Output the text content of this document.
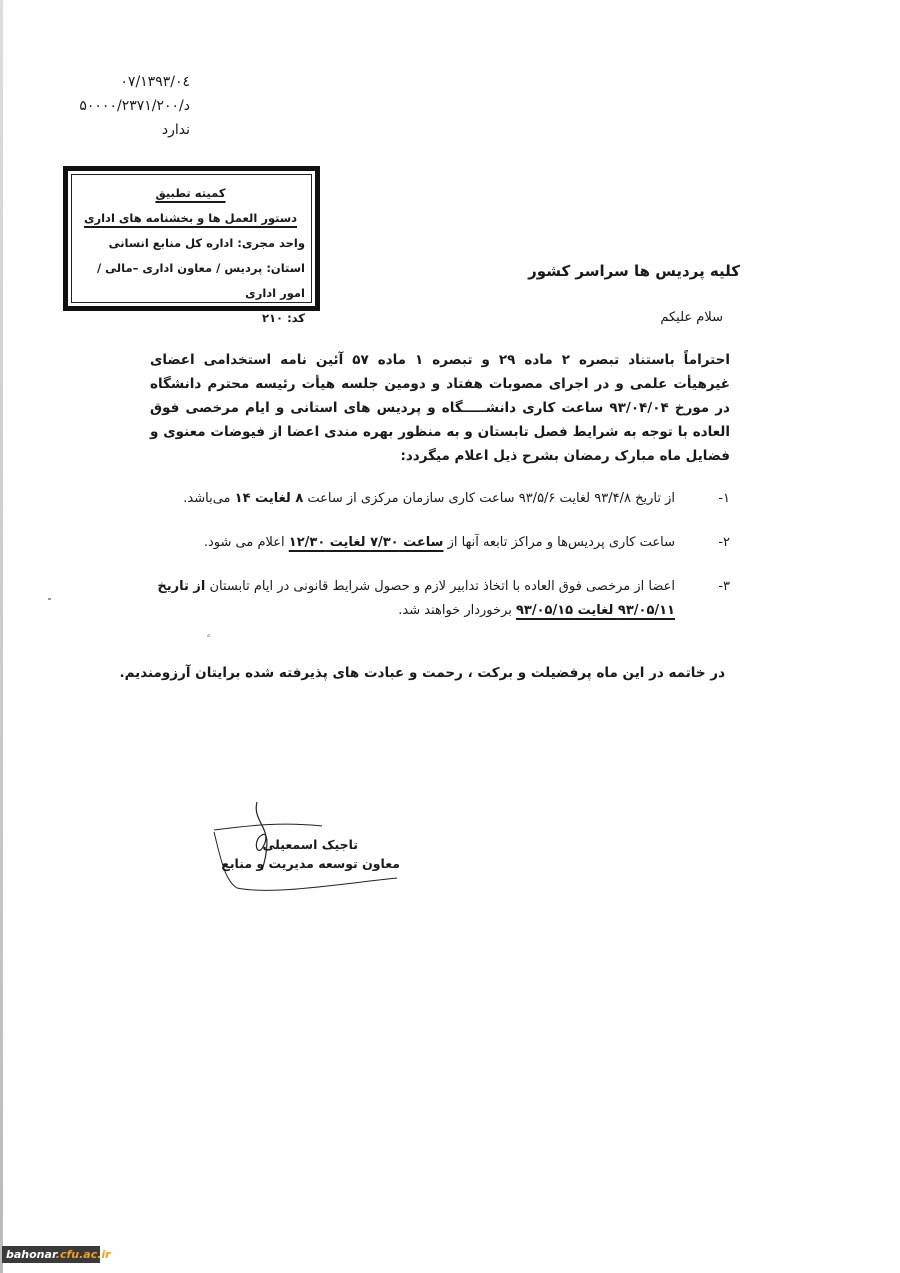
۱۳۹۳/۰٤/۰۷
د/۵۰۰۰۰/۲۳۷۱/۲۰۰
ندارد
کمیته تطبیق
دستور العمل ها و بخشنامه های اداری
واحد مجری: اداره کل منابع انسانی
استان: پردیس / معاون اداری –مالی / امور اداری
کد: ۲۱۰
کلیه پردیس ها سراسر کشور
سلام علیکم
احتراماً باستناد تبصره ۲ ماده ۲۹ و تبصره ۱ ماده ۵۷ آئین نامه استخدامی اعضای غیرهیأت علمی و در اجرای مصوبات هفتاد و دومین جلسه هیأت رئیسه محترم دانشگاه در مورخ ۹۳/۰۴/۰۴ ساعت کاری دانشـــــگاه و پردیس های استانی و ایام مرخصی فوق العاده با توجه به شرایط فصل تابستان و به منظور بهره مندی اعضا از فیوضات معنوی و فضایل ماه مبارک رمضان بشرح ذیل اعلام میگردد:
۱-
از تاریخ ۹۳/۴/۸ لغایت ۹۳/۵/۶ ساعت کاری سازمان مرکزی از ساعت ۸ لغایت ۱۴ می‌باشد.
۲-
ساعت کاری پردیس‌ها و مراکز تابعه آنها از ساعت ۷/۳۰ لغایت ۱۲/۳۰ اعلام می شود.
۳-
اعضا از مرخصی فوق العاده با اتخاذ تدابیر لازم و حصول شرایط قانونی در ایام تابستان از تاریخ
۹۳/۰۵/۱۱ لغایت ۹۳/۰۵/۱۵ برخوردار خواهند شد.
⸗
در خاتمه در این ماه پرفضیلت و برکت ، رحمت و عبادت های پذیرفته شده برایتان آرزومندیم.
تاجیک اسمعیلی
معاون توسعه مدیریت و منابع
bahonar.cfu.ac.ir
